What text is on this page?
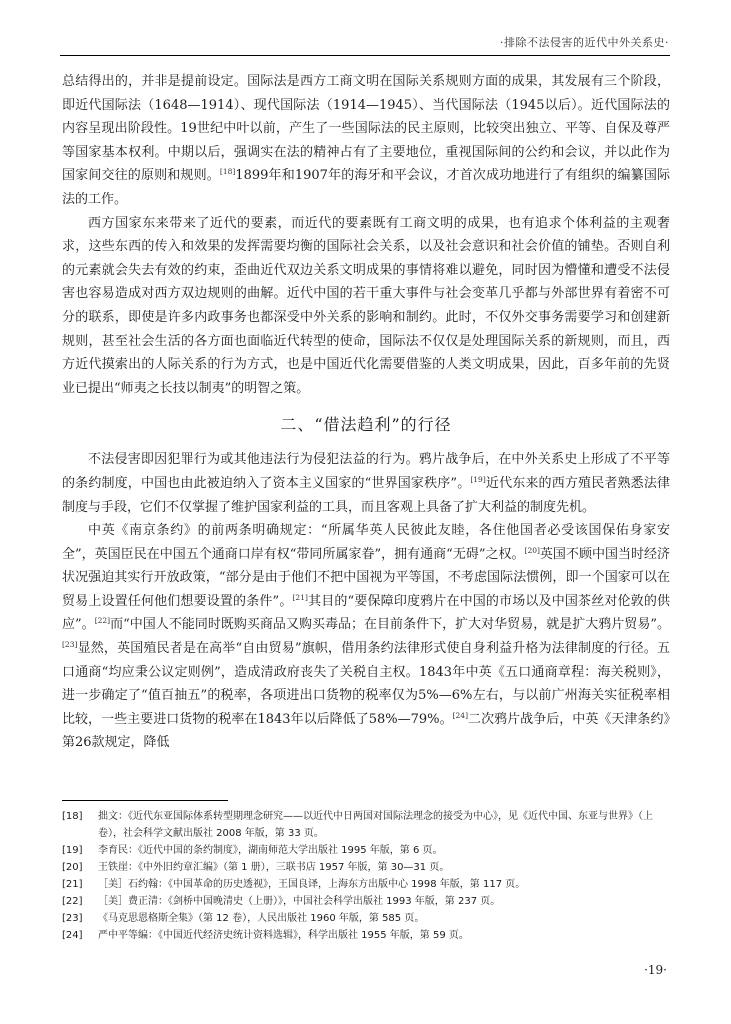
·排除不法侵害的近代中外关系史·

总结得出的，并非是提前设定。国际法是西方工商文明在国际关系规则方面的成果，其发展有三个阶段，即近代国际法（1648—1914）、现代国际法（1914—1945）、当代国际法（1945以后）。近代国际法的内容呈现出阶段性。19世纪中叶以前，产生了一些国际法的民主原则，比较突出独立、平等、自保及尊严等国家基本权利。中期以后，强调实在法的精神占有了主要地位，重视国际间的公约和会议，并以此作为国家间交往的原则和规则。[18]1899年和1907年的海牙和平会议，才首次成功地进行了有组织的编纂国际法的工作。

西方国家东来带来了近代的要素，而近代的要素既有工商文明的成果，也有追求个体利益的主观奢求，这些东西的传入和效果的发挥需要均衡的国际社会关系，以及社会意识和社会价值的铺垫。否则自利的元素就会失去有效的约束，歪曲近代双边关系文明成果的事情将难以避免，同时因为懵懂和遭受不法侵害也容易造成对西方双边规则的曲解。近代中国的若干重大事件与社会变革几乎都与外部世界有着密不可分的联系，即使是许多内政事务也都深受中外关系的影响和制约。此时，不仅外交事务需要学习和创建新规则，甚至社会生活的各方面也面临近代转型的使命，国际法不仅仅是处理国际关系的新规则，而且，西方近代摸索出的人际关系的行为方式，也是中国近代化需要借鉴的人类文明成果，因此，百多年前的先贤业已提出“师夷之长技以制夷”的明智之策。

二、“借法趋利”的行径

不法侵害即因犯罪行为或其他违法行为侵犯法益的行为。鸦片战争后，在中外关系史上形成了不平等的条约制度，中国也由此被迫纳入了资本主义国家的“世界国家秩序”。[19]近代东来的西方殖民者熟悉法律制度与手段，它们不仅掌握了维护国家利益的工具，而且客观上具备了扩大利益的制度先机。

中英《南京条约》的前两条明确规定：“所属华英人民彼此友睦，各住他国者必受该国保佑身家安全”，英国臣民在中国五个通商口岸有权“带同所属家眷”，拥有通商“无碍”之权。[20]英国不顾中国当时经济状况强迫其实行开放政策，“部分是由于他们不把中国视为平等国，不考虑国际法惯例，即一个国家可以在贸易上设置任何他们想要设置的条件”。[21]其目的“要保障印度鸦片在中国的市场以及中国茶丝对伦敦的供应”。[22]而“中国人不能同时既购买商品又购买毒品；在目前条件下，扩大对华贸易，就是扩大鸦片贸易”。[23]显然，英国殖民者是在高举“自由贸易”旗帜，借用条约法律形式使自身利益升格为法律制度的行径。五口通商“均应秉公议定则例”，造成清政府丧失了关税自主权。1843年中英《五口通商章程：海关税则》，进一步确定了“值百抽五”的税率，各项进出口货物的税率仅为5%—6%左右，与以前广州海关实征税率相比较，一些主要进口货物的税率在1843年以后降低了58%—79%。[24]二次鸦片战争后，中英《天津条约》第26款规定，降低

[18]	拙文：《近代东亚国际体系转型期理念研究——以近代中日两国对国际法理念的接受为中心》，见《近代中国、东亚与世界》（上卷），社会科学文献出版社 2008 年版，第 33 页。
[19]	李育民：《近代中国的条约制度》，湖南师范大学出版社 1995 年版，第 6 页。
[20]	王铁崖：《中外旧约章汇编》（第 1 册），三联书店 1957 年版，第 30—31 页。
[21]	［美］石约翰：《中国革命的历史透视》，王国良译，上海东方出版中心 1998 年版，第 117 页。
[22]	［美］费正清：《剑桥中国晚清史（上册）》，中国社会科学出版社 1993 年版，第 237 页。
[23]	《马克思恩格斯全集》（第 12 卷），人民出版社 1960 年版，第 585 页。
[24]	严中平等编：《中国近代经济史统计资料选辑》，科学出版社 1955 年版，第 59 页。
·19·
